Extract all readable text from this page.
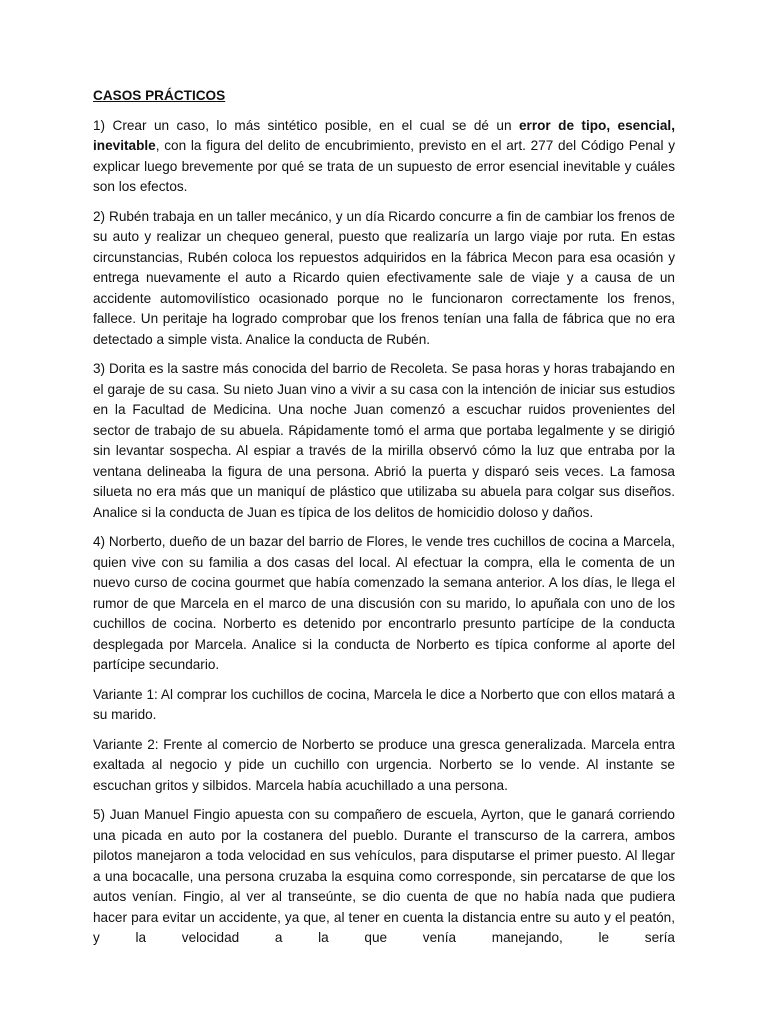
CASOS PRÁCTICOS

1) Crear un caso, lo más sintético posible, en el cual se dé un error de tipo, esencial, inevitable, con la figura del delito de encubrimiento, previsto en el art. 277 del Código Penal y explicar luego brevemente por qué se trata de un supuesto de error esencial inevitable y cuáles son los efectos.

2) Rubén trabaja en un taller mecánico, y un día Ricardo concurre a fin de cambiar los frenos de su auto y realizar un chequeo general, puesto que realizaría un largo viaje por ruta. En estas circunstancias, Rubén coloca los repuestos adquiridos en la fábrica Mecon para esa ocasión y entrega nuevamente el auto a Ricardo quien efectivamente sale de viaje y a causa de un accidente automovilístico ocasionado porque no le funcionaron correctamente los frenos, fallece. Un peritaje ha logrado comprobar que los frenos tenían una falla de fábrica que no era detectado a simple vista. Analice la conducta de Rubén.

3) Dorita es la sastre más conocida del barrio de Recoleta. Se pasa horas y horas trabajando en el garaje de su casa. Su nieto Juan vino a vivir a su casa con la intención de iniciar sus estudios en la Facultad de Medicina. Una noche Juan comenzó a escuchar ruidos provenientes del sector de trabajo de su abuela. Rápidamente tomó el arma que portaba legalmente y se dirigió sin levantar sospecha. Al espiar a través de la mirilla observó cómo la luz que entraba por la ventana delineaba la figura de una persona. Abrió la puerta y disparó seis veces. La famosa silueta no era más que un maniquí de plástico que utilizaba su abuela para colgar sus diseños. Analice si la conducta de Juan es típica de los delitos de homicidio doloso y daños.

4) Norberto, dueño de un bazar del barrio de Flores, le vende tres cuchillos de cocina a Marcela, quien vive con su familia a dos casas del local. Al efectuar la compra, ella le comenta de un nuevo curso de cocina gourmet que había comenzado la semana anterior. A los días, le llega el rumor de que Marcela en el marco de una discusión con su marido, lo apuñala con uno de los cuchillos de cocina. Norberto es detenido por encontrarlo presunto partícipe de la conducta desplegada por Marcela. Analice si la conducta de Norberto es típica conforme al aporte del partícipe secundario.

Variante 1: Al comprar los cuchillos de cocina, Marcela le dice a Norberto que con ellos matará a su marido.

Variante 2: Frente al comercio de Norberto se produce una gresca generalizada. Marcela entra exaltada al negocio y pide un cuchillo con urgencia. Norberto se lo vende. Al instante se escuchan gritos y silbidos. Marcela había acuchillado a una persona.

5) Juan Manuel Fingio apuesta con su compañero de escuela, Ayrton, que le ganará corriendo una picada en auto por la costanera del pueblo. Durante el transcurso de la carrera, ambos pilotos manejaron a toda velocidad en sus vehículos, para disputarse el primer puesto. Al llegar a una bocacalle, una persona cruzaba la esquina como corresponde, sin percatarse de que los autos venían. Fingio, al ver al transeúnte, se dio cuenta de que no había nada que pudiera hacer para evitar un accidente, ya que, al tener en cuenta la distancia entre su auto y el peatón, y la velocidad a la que venía manejando, le sería
